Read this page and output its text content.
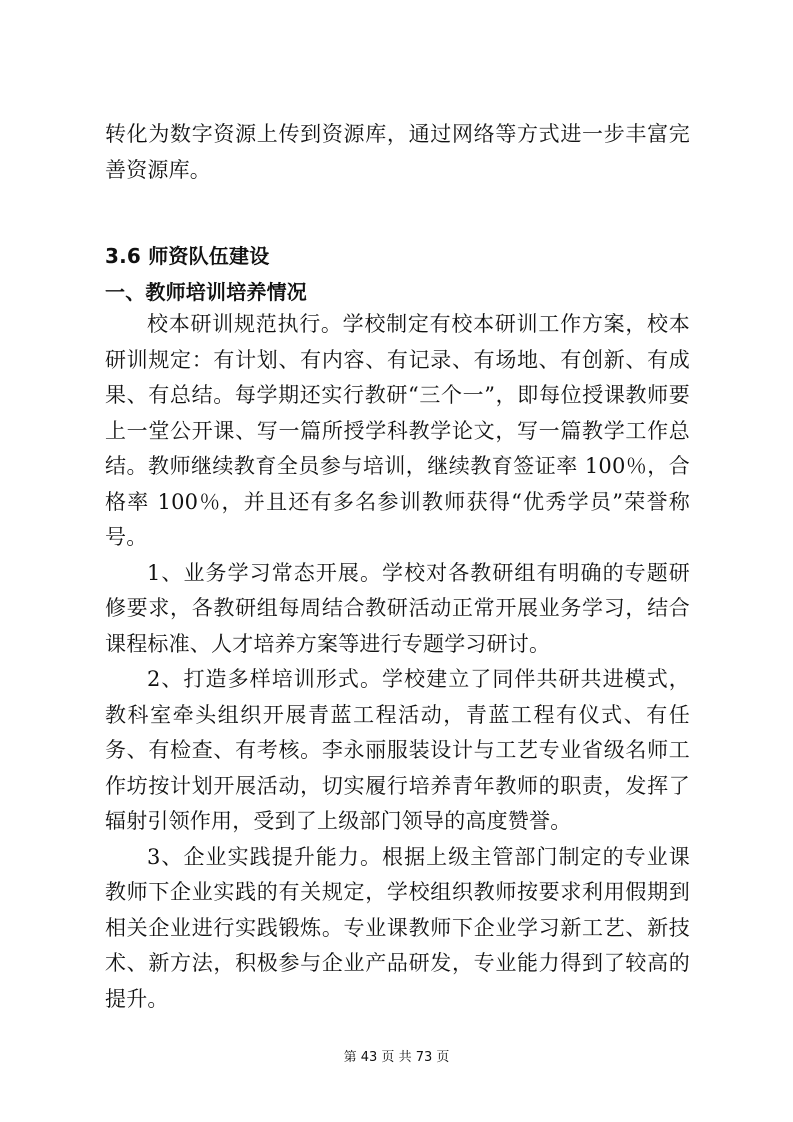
转化为数字资源上传到资源库，通过网络等方式进一步丰富完善资源库。

3.6 师资队伍建设
一、教师培训培养情况

校本研训规范执行。学校制定有校本研训工作方案，校本研训规定：有计划、有内容、有记录、有场地、有创新、有成果、有总结。每学期还实行教研“三个一”，即每位授课教师要上一堂公开课、写一篇所授学科教学论文，写一篇教学工作总结。教师继续教育全员参与培训，继续教育签证率 100％，合格率 100％，并且还有多名参训教师获得“优秀学员”荣誉称号。

1、业务学习常态开展。学校对各教研组有明确的专题研修要求，各教研组每周结合教研活动正常开展业务学习，结合课程标准、人才培养方案等进行专题学习研讨。

2、打造多样培训形式。学校建立了同伴共研共进模式，教科室牵头组织开展青蓝工程活动，青蓝工程有仪式、有任务、有检查、有考核。李永丽服装设计与工艺专业省级名师工作坊按计划开展活动，切实履行培养青年教师的职责，发挥了辐射引领作用，受到了上级部门领导的高度赞誉。

3、企业实践提升能力。根据上级主管部门制定的专业课教师下企业实践的有关规定，学校组织教师按要求利用假期到相关企业进行实践锻炼。专业课教师下企业学习新工艺、新技术、新方法，积极参与企业产品研发，专业能力得到了较高的提升。

第 43 页 共 73 页
